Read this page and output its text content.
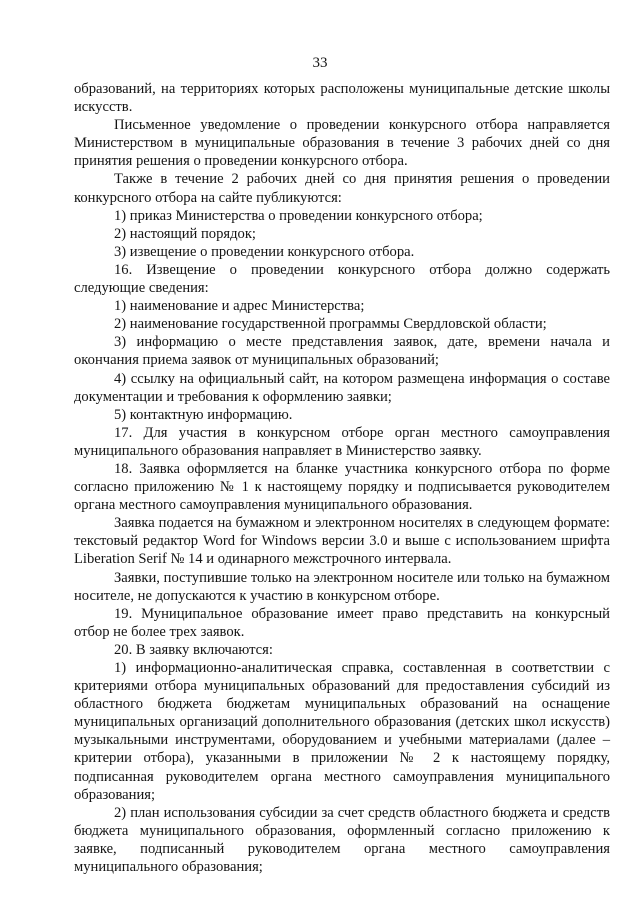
33

образований, на территориях которых расположены муниципальные детские школы искусств.

Письменное уведомление о проведении конкурсного отбора направляется Министерством в муниципальные образования в течение 3 рабочих дней со дня принятия решения о проведении конкурсного отбора.

Также в течение 2 рабочих дней со дня принятия решения о проведении конкурсного отбора на сайте публикуются:

1) приказ Министерства о проведении конкурсного отбора;

2) настоящий порядок;

3) извещение о проведении конкурсного отбора.

16. Извещение о проведении конкурсного отбора должно содержать следующие сведения:

1) наименование и адрес Министерства;

2) наименование государственной программы Свердловской области;

3) информацию о месте представления заявок, дате, времени начала и окончания приема заявок от муниципальных образований;

4) ссылку на официальный сайт, на котором размещена информация о составе документации и требования к оформлению заявки;

5) контактную информацию.

17. Для участия в конкурсном отборе орган местного самоуправления муниципального образования направляет в Министерство заявку.

18. Заявка оформляется на бланке участника конкурсного отбора по форме согласно приложению № 1 к настоящему порядку и подписывается руководителем органа местного самоуправления муниципального образования.

Заявка подается на бумажном и электронном носителях в следующем формате: текстовый редактор Word for Windows версии 3.0 и выше с использованием шрифта Liberation Serif № 14 и одинарного межстрочного интервала.

Заявки, поступившие только на электронном носителе или только на бумажном носителе, не допускаются к участию в конкурсном отборе.

19. Муниципальное образование имеет право представить на конкурсный отбор не более трех заявок.

20. В заявку включаются:

1) информационно-аналитическая справка, составленная в соответствии с критериями отбора муниципальных образований для предоставления субсидий из областного бюджета бюджетам муниципальных образований на оснащение муниципальных организаций дополнительного образования (детских школ искусств) музыкальными инструментами, оборудованием и учебными материалами (далее – критерии отбора), указанными в приложении № 2 к настоящему порядку, подписанная руководителем органа местного самоуправления муниципального образования;

2) план использования субсидии за счет средств областного бюджета и средств бюджета муниципального образования, оформленный согласно приложению к заявке, подписанный руководителем органа местного самоуправления муниципального образования;
